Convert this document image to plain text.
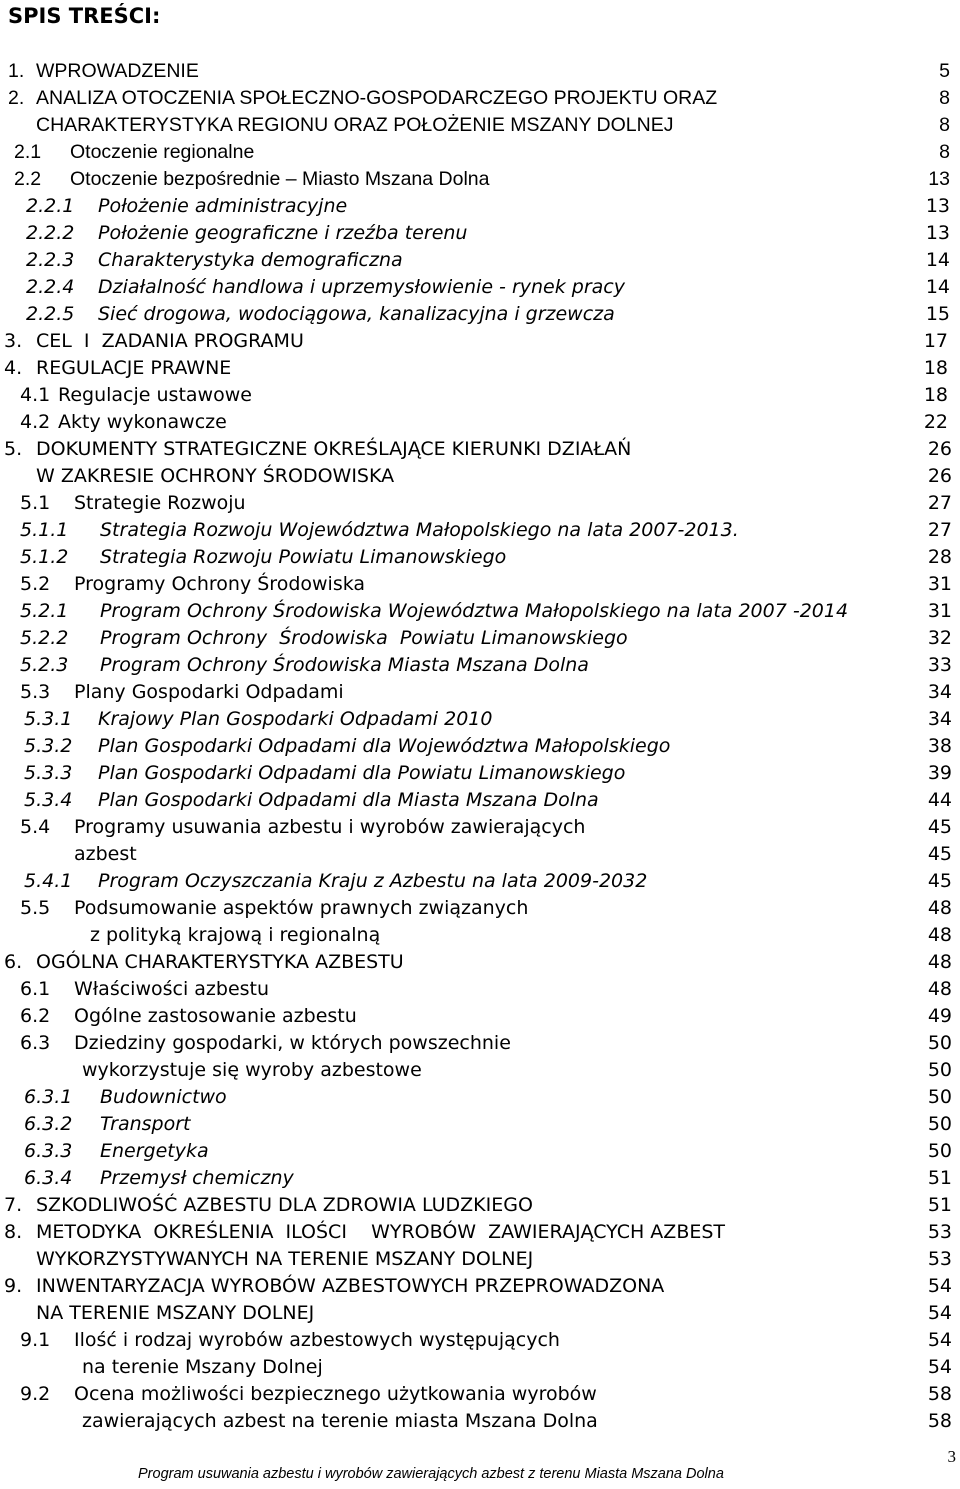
SPIS TREŚCI:
1. WPROWADZENIE	5
2. ANALIZA OTOCZENIA SPOŁECZNO-GOSPODARCZEGO PROJEKTU ORAZ	8
CHARAKTERYSTYKA REGIONU ORAZ POŁOŻENIE MSZANY DOLNEJ	8
2.1 Otoczenie regionalne	8
2.2 Otoczenie bezpośrednie – Miasto Mszana Dolna	13
2.2.1 Położenie administracyjne	13
2.2.2 Położenie geograficzne i rzeźba terenu	13
2.2.3 Charakterystyka demograficzna	14
2.2.4 Działalność handlowa i uprzemysłowienie - rynek pracy	14
2.2.5 Sieć drogowa, wodociągowa, kanalizacyjna i grzewcza	15
3. CEL  I  ZADANIA PROGRAMU	17
4. REGULACJE PRAWNE	18
4.1 Regulacje ustawowe	18
4.2 Akty wykonawcze	22
5. DOKUMENTY STRATEGICZNE OKREŚLAJĄCE KIERUNKI DZIAŁAŃ	26
W ZAKRESIE OCHRONY ŚRODOWISKA	26
5.1 Strategie Rozwoju	27
5.1.1 Strategia Rozwoju Województwa Małopolskiego na lata 2007-2013.	27
5.1.2 Strategia Rozwoju Powiatu Limanowskiego	28
5.2 Programy Ochrony Środowiska	31
5.2.1 Program Ochrony Środowiska Województwa Małopolskiego na lata 2007 -2014	31
5.2.2 Program Ochrony  Środowiska  Powiatu Limanowskiego	32
5.2.3 Program Ochrony Środowiska Miasta Mszana Dolna	33
5.3 Plany Gospodarki Odpadami	34
5.3.1 Krajowy Plan Gospodarki Odpadami 2010	34
5.3.2 Plan Gospodarki Odpadami dla Województwa Małopolskiego	38
5.3.3 Plan Gospodarki Odpadami dla Powiatu Limanowskiego	39
5.3.4 Plan Gospodarki Odpadami dla Miasta Mszana Dolna	44
5.4 Programy usuwania azbestu i wyrobów zawierających	45
azbest	45
5.4.1 Program Oczyszczania Kraju z Azbestu na lata 2009-2032	45
5.5 Podsumowanie aspektów prawnych związanych	48
z polityką krajową i regionalną	48
6. OGÓLNA CHARAKTERYSTYKA AZBESTU	48
6.1 Właściwości azbestu	48
6.2 Ogólne zastosowanie azbestu	49
6.3 Dziedziny gospodarki, w których powszechnie	50
wykorzystuje się wyroby azbestowe	50
6.3.1 Budownictwo	50
6.3.2 Transport	50
6.3.3 Energetyka	50
6.3.4 Przemysł chemiczny	51
7. SZKODLIWOŚĆ AZBESTU DLA ZDROWIA LUDZKIEGO	51
8. METODYKA  OKREŚLENIA  ILOŚCI    WYROBÓW  ZAWIERAJĄCYCH AZBEST	53
WYKORZYSTYWANYCH NA TERENIE MSZANY DOLNEJ	53
9. INWENTARYZACJA WYROBÓW AZBESTOWYCH PRZEPROWADZONA	54
NA TERENIE MSZANY DOLNEJ	54
9.1 Ilość i rodzaj wyrobów azbestowych występujących	54
na terenie Mszany Dolnej	54
9.2 Ocena możliwości bezpiecznego użytkowania wyrobów	58
zawierających azbest na terenie miasta Mszana Dolna	58
Program usuwania azbestu i wyrobów zawierających azbest z terenu Miasta Mszana Dolna
3
